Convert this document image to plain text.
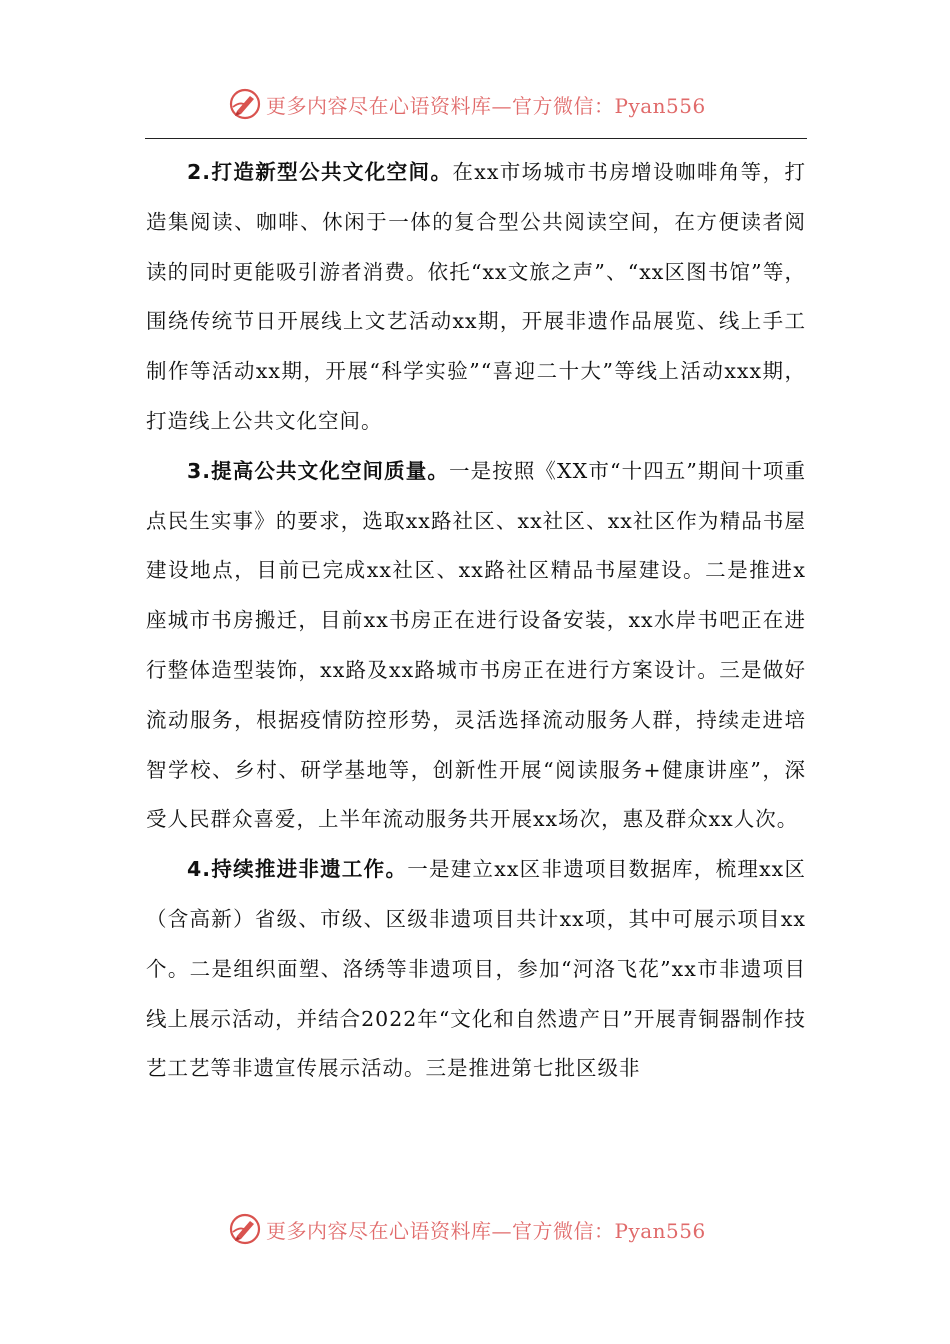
更多内容尽在心语资料库—官方微信：Pyan556

2.打造新型公共文化空间。在xx市场城市书房增设咖啡角等，打造集阅读、咖啡、休闲于一体的复合型公共阅读空间，在方便读者阅读的同时更能吸引游者消费。依托“xx文旅之声”、“xx区图书馆”等，围绕传统节日开展线上文艺活动xx期，开展非遗作品展览、线上手工制作等活动xx期，开展“科学实验”“喜迎二十大”等线上活动xxx期，打造线上公共文化空间。

3.提高公共文化空间质量。一是按照《XX市“十四五”期间十项重点民生实事》的要求，选取xx路社区、xx社区、xx社区作为精品书屋建设地点，目前已完成xx社区、xx路社区精品书屋建设。二是推进x座城市书房搬迁，目前xx书房正在进行设备安装，xx水岸书吧正在进行整体造型装饰，xx路及xx路城市书房正在进行方案设计。三是做好流动服务，根据疫情防控形势，灵活选择流动服务人群，持续走进培智学校、乡村、研学基地等，创新性开展“阅读服务+健康讲座”，深受人民群众喜爱，上半年流动服务共开展xx场次，惠及群众xx人次。

4.持续推进非遗工作。一是建立xx区非遗项目数据库，梳理xx区（含高新）省级、市级、区级非遗项目共计xx项，其中可展示项目xx个。二是组织面塑、洛绣等非遗项目，参加“河洛飞花”xx市非遗项目线上展示活动，并结合2022年“文化和自然遗产日”开展青铜器制作技艺工艺等非遗宣传展示活动。三是推进第七批区级非

更多内容尽在心语资料库—官方微信：Pyan556
